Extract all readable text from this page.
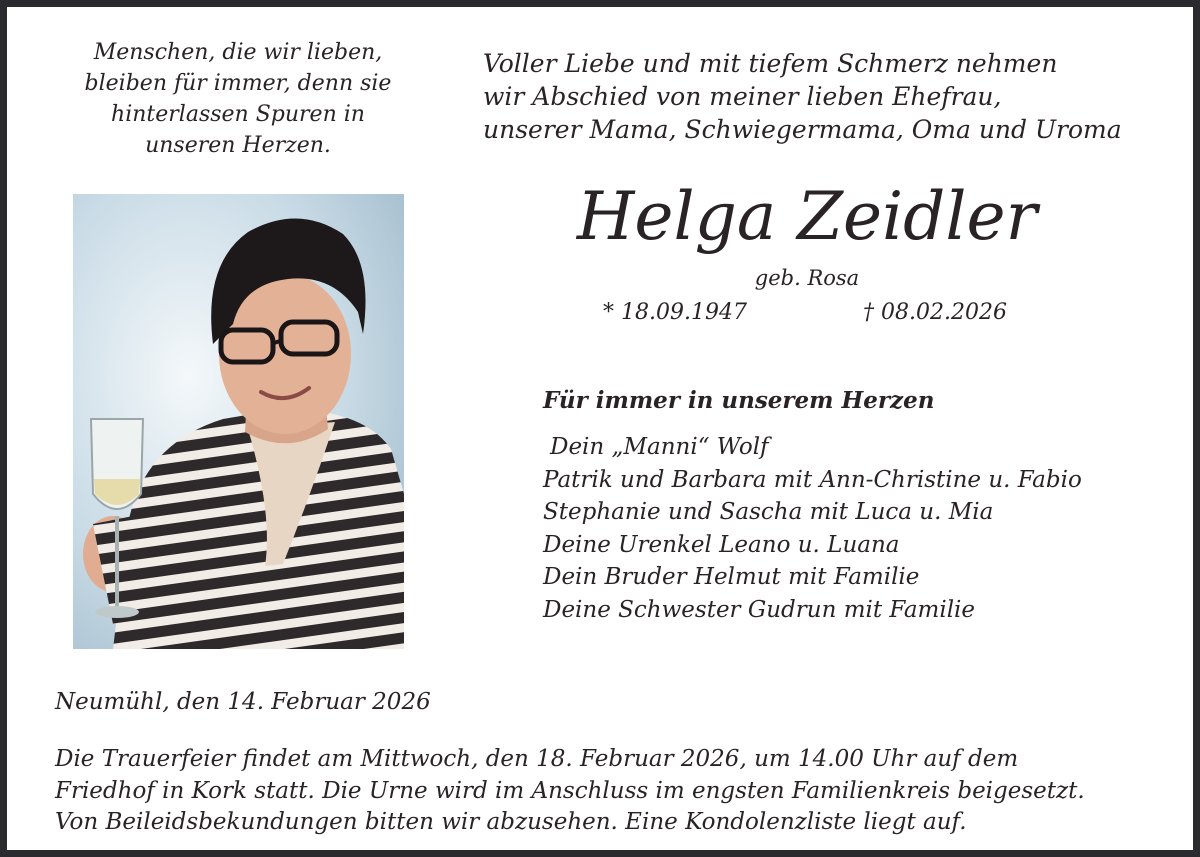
Menschen, die wir lieben,
bleiben für immer, denn sie
hinterlassen Spuren in
unseren Herzen.
Voller Liebe und mit tiefem Schmerz nehmen
wir Abschied von meiner lieben Ehefrau,
unserer Mama, Schwiegermama, Oma und Uroma
Helga Zeidler
geb. Rosa
* 18.09.1947	† 08.02.2026
Für immer in unserem Herzen
Dein „Manni“ Wolf
Patrik und Barbara mit Ann-Christine u. Fabio
Stephanie und Sascha mit Luca u. Mia
Deine Urenkel Leano u. Luana
Dein Bruder Helmut mit Familie
Deine Schwester Gudrun mit Familie
Neumühl, den 14. Februar 2026
Die Trauerfeier findet am Mittwoch, den 18. Februar 2026, um 14.00 Uhr auf dem
Friedhof in Kork statt. Die Urne wird im Anschluss im engsten Familienkreis beigesetzt.
Von Beileidsbekundungen bitten wir abzusehen. Eine Kondolenzliste liegt auf.
